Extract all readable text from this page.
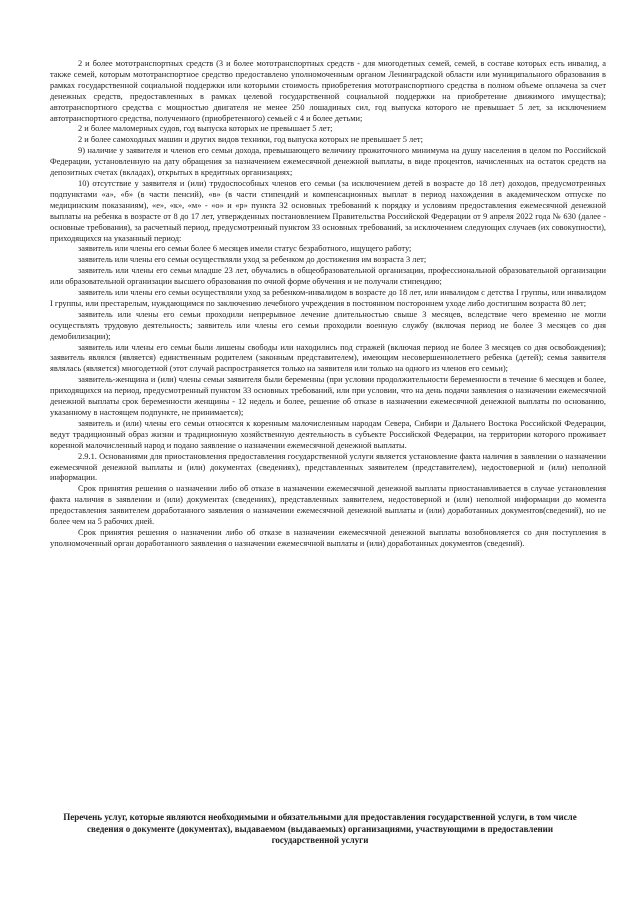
2 и более мототранспортных средств (3 и более мототранспортных средств - для многодетных семей, семей, в составе которых есть инвалид, а также семей, которым мототранспортное средство предоставлено уполномоченным органом Ленинградской области или муниципального образования в рамках государственной социальной поддержки или которыми стоимость приобретения мототранспортного средства в полном объеме оплачена за счет денежных средств, предоставленных в рамках целевой государственной социальной поддержки на приобретение движимого имущества); автотранспортного средства с мощностью двигателя не менее 250 лошадиных сил, год выпуска которого не превышает 5 лет, за исключением автотранспортного средства, полученного (приобретенного) семьей с 4 и более детьми;

2 и более маломерных судов, год выпуска которых не превышает 5 лет;

2 и более самоходных машин и других видов техники, год выпуска которых не превышает 5 лет;

9) наличие у заявителя и членов его семьи дохода, превышающего величину прожиточного минимума на душу населения в целом по Российской Федерации, установленную на дату обращения за назначением ежемесячной денежной выплаты, в виде процентов, начисленных на остаток средств на депозитных счетах (вкладах), открытых в кредитных организациях;

10) отсутствие у заявителя и (или) трудоспособных членов его семьи (за исключением детей в возрасте до 18 лет) доходов, предусмотренных подпунктами «а», «б» (в части пенсий), «в» (в части стипендий и компенсационных выплат в период нахождения в академическом отпуске по медицинским показаниям), «е», «к», «м» - «о» и «р» пункта 32 основных требований к порядку и условиям предоставления ежемесячной денежной выплаты на ребенка в возрасте от 8 до 17 лет, утвержденных постановлением Правительства Российской Федерации от 9 апреля 2022 года № 630 (далее - основные требования), за расчетный период, предусмотренный пунктом 33 основных требований, за исключением следующих случаев (их совокупности), приходящихся на указанный период:

заявитель или члены его семьи более 6 месяцев имели статус безработного, ищущего работу;

заявитель или члены его семьи осуществляли уход за ребенком до достижения им возраста 3 лет;

заявитель или члены его семьи младше 23 лет, обучались в общеобразовательной организации, профессиональной образовательной организации или образовательной организации высшего образования по очной форме обучения и не получали стипендию;

заявитель или члены его семьи осуществляли уход за ребенком-инвалидом в возрасте до 18 лет, или инвалидом с детства I группы, или инвалидом I группы, или престарелым, нуждающимся по заключению лечебного учреждения в постоянном постороннем уходе либо достигшим возраста 80 лет;

заявитель или члены его семьи проходили непрерывное лечение длительностью свыше 3 месяцев, вследствие чего временно не могли осуществлять трудовую деятельность; заявитель или члены его семьи проходили военную службу (включая период не более 3 месяцев со дня демобилизации);

заявитель или члены его семьи были лишены свободы или находились под стражей (включая период не более 3 месяцев со дня освобождения); заявитель являлся (является) единственным родителем (законным представителем), имеющим несовершеннолетнего ребенка (детей); семья заявителя являлась (является) многодетной (этот случай распространяется только на заявителя или только на одного из членов его семьи);

заявитель-женщина и (или) члены семьи заявителя были беременны (при условии продолжительности беременности в течение 6 месяцев и более, приходящихся на период, предусмотренный пунктом 33 основных требований, или при условии, что на день подачи заявления о назначении ежемесячной денежной выплаты срок беременности женщины - 12 недель и более, решение об отказе в назначении ежемесячной денежной выплаты по основанию, указанному в настоящем подпункте, не принимается);

заявитель и (или) члены его семьи относятся к коренным малочисленным народам Севера, Сибири и Дальнего Востока Российской Федерации, ведут традиционный образ жизни и традиционную хозяйственную деятельность в субъекте Российской Федерации, на территории которого проживает коренной малочисленный народ и подано заявление о назначении ежемесячной денежной выплаты.

2.9.1. Основаниями для приостановления предоставления государственной услуги является установление факта наличия в заявлении о назначении ежемесячной денежной выплаты и (или) документах (сведениях), представленных заявителем (представителем), недостоверной и (или) неполной информации.

Срок принятия решения о назначении либо об отказе в назначении ежемесячной денежной выплаты приостанавливается в случае установления факта наличия в заявлении и (или) документах (сведениях), представленных заявителем, недостоверной и (или) неполной информации до момента предоставления заявителем доработанного заявления о назначении ежемесячной денежной выплаты и (или) доработанных документов(сведений), но не более чем на 5 рабочих дней.

Срок принятия решения о назначении либо об отказе в назначении ежемесячной денежной выплаты возобновляется со дня поступления в уполномоченный орган доработанного заявления о назначении ежемесячной выплаты и (или) доработанных документов (сведений).

Перечень услуг, которые являются необходимыми и обязательными для предоставления государственной услуги, в том числе сведения о документе (документах), выдаваемом (выдаваемых) организациями, участвующими в предоставлении государственной услуги
